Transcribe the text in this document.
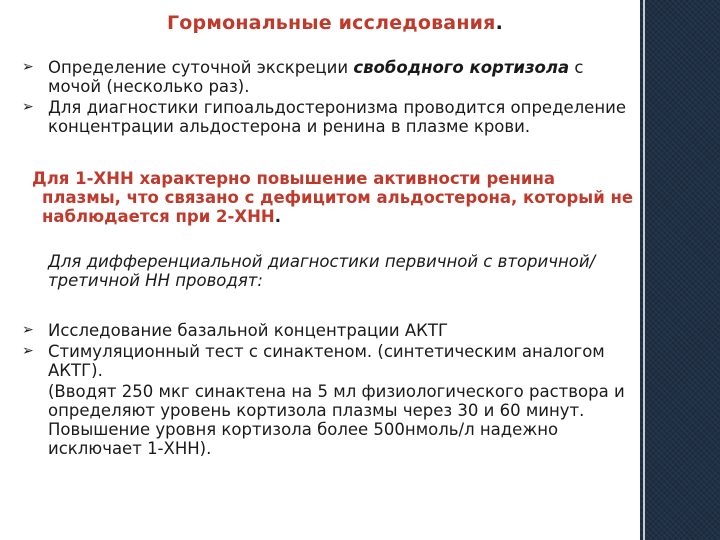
Гормональные исследования.
➢ Определение суточной экскреции свободного кортизола с мочой (несколько раз).
➢ Для диагностики гипоальдостеронизма проводится определение концентрации альдостерона и ренина в плазме крови.
Для 1-ХНН характерно повышение активности ренина
плазмы, что связано с дефицитом альдостерона, который не наблюдается при 2-ХНН.
Для дифференциальной диагностики первичной с вторичной/третичной НН проводят:
➢ Исследование базальной концентрации АКТГ
➢ Стимуляционный тест с синактеном. (синтетическим аналогом АКТГ).
(Вводят 250 мкг синактена на 5 мл физиологического раствора и определяют уровень кортизола плазмы через 30 и 60 минут. Повышение уровня кортизола более 500нмоль/л надежно исключает 1-ХНН).
